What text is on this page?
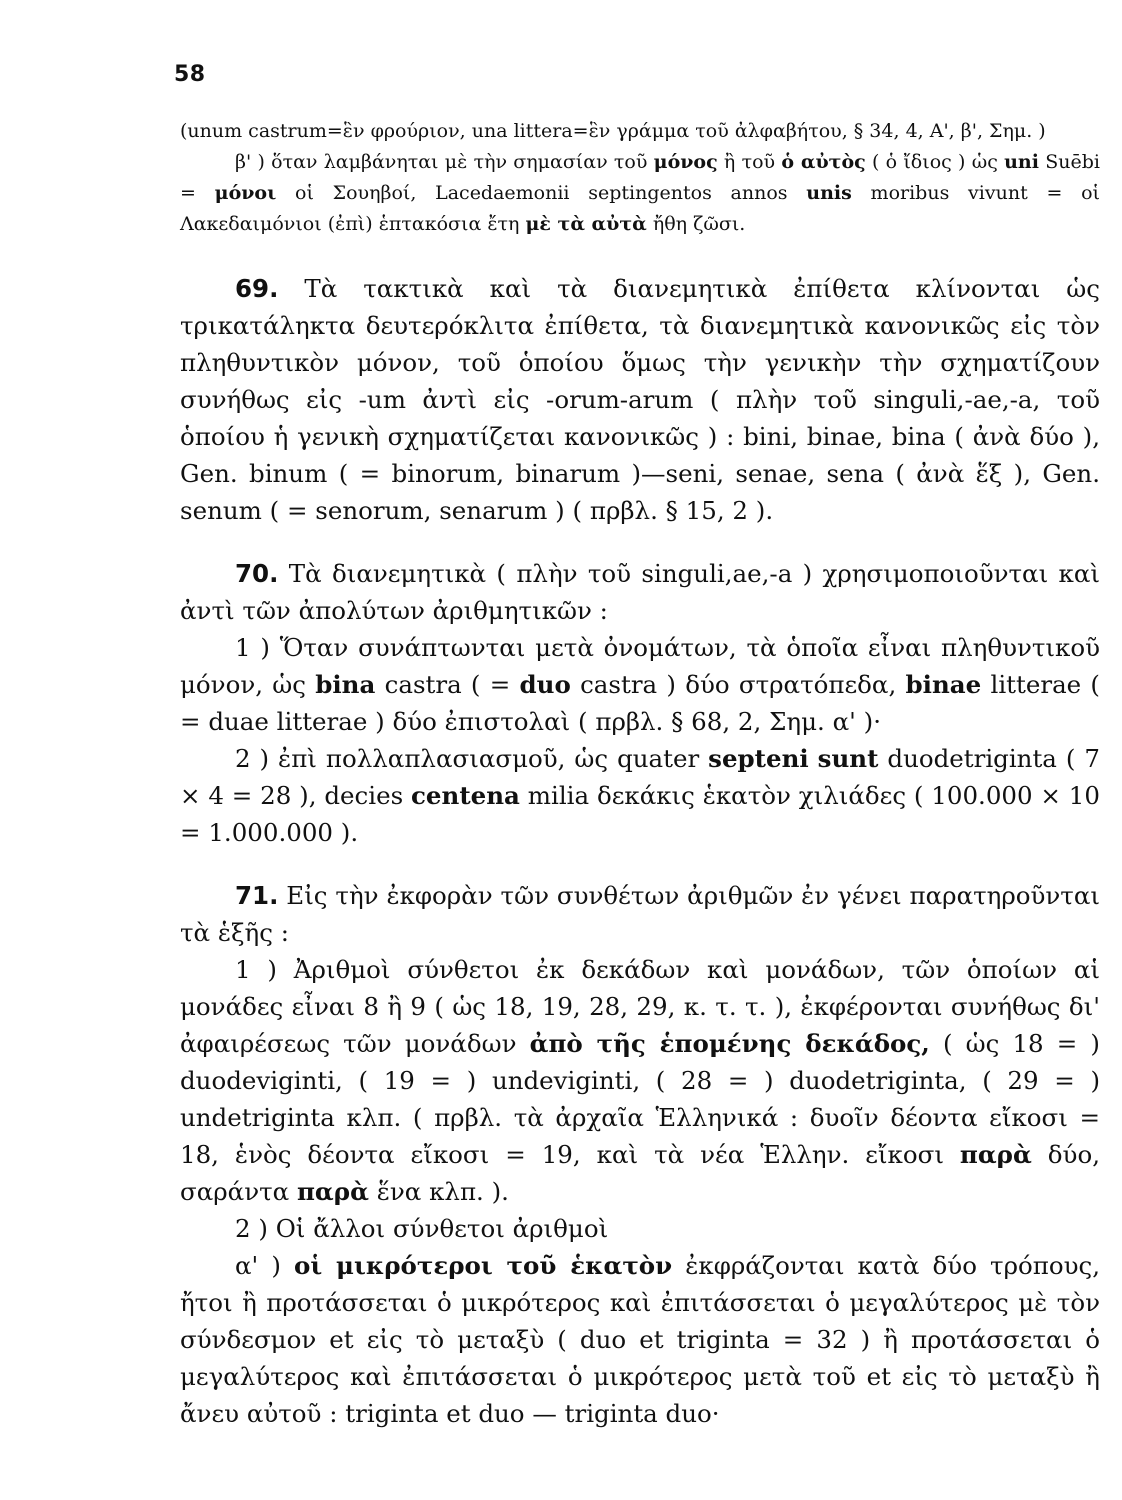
58

(unum castrum=ἓν φρούριον, una littera=ἓν γράμμα τοῦ ἀλφαβήτου, § 34, 4, Α', β', Σημ. )

β' ) ὅταν λαμβάνηται μὲ τὴν σημασίαν τοῦ μόνος ἢ τοῦ ὁ αὐτὸς ( ὁ ἴδιος ) ὡς uni Suēbi = μόνοι οἱ Σουηβοί, Lacedaemonii septingentos annos unis moribus vivunt = οἱ Λακεδαιμόνιοι (ἐπὶ) ἑπτακόσια ἔτη μὲ τὰ αὐτὰ ἤθη ζῶσι.

69. Τὰ τακτικὰ καὶ τὰ διανεμητικὰ ἐπίθετα κλίνονται ὡς τρικατάληκτα δευτερόκλιτα ἐπίθετα, τὰ διανεμητικὰ κανονικῶς εἰς τὸν πληθυντικὸν μόνον, τοῦ ὁποίου ὅμως τὴν γενικὴν τὴν σχηματίζουν συνήθως εἰς -um ἀντὶ εἰς -orum-arum ( πλὴν τοῦ singuli,-ae,-a, τοῦ ὁποίου ἡ γενικὴ σχηματίζεται κανονικῶς ) : bini, binae, bina ( ἀνὰ δύο ), Gen. binum ( = binorum, binarum )—seni, senae, sena ( ἀνὰ ἕξ ), Gen. senum ( = senorum, senarum ) ( πρβλ. § 15, 2 ).

70. Τὰ διανεμητικὰ ( πλὴν τοῦ singuli,ae,-a ) χρησιμοποιοῦνται καὶ ἀντὶ τῶν ἀπολύτων ἀριθμητικῶν :

1 ) Ὅταν συνάπτωνται μετὰ ὀνομάτων, τὰ ὁποῖα εἶναι πληθυντικοῦ μόνον, ὡς bina castra ( = duo castra ) δύο στρατόπεδα, binae litterae ( = duae litterae ) δύο ἐπιστολαὶ ( πρβλ. § 68, 2, Σημ. α' )·

2 ) ἐπὶ πολλαπλασιασμοῦ, ὡς quater septeni sunt duodetriginta ( 7 × 4 = 28 ), decies centena milia δεκάκις ἑκατὸν χιλιάδες ( 100.000 × 10 = 1.000.000 ).

71. Εἰς τὴν ἐκφορὰν τῶν συνθέτων ἀριθμῶν ἐν γένει παρατηροῦνται τὰ ἑξῆς :

1 ) Ἀριθμοὶ σύνθετοι ἐκ δεκάδων καὶ μονάδων, τῶν ὁποίων αἱ μονάδες εἶναι 8 ἢ 9 ( ὡς 18, 19, 28, 29, κ. τ. τ. ), ἐκφέρονται συνήθως δι' ἀφαιρέσεως τῶν μονάδων ἀπὸ τῆς ἑπομένης δεκάδος, ( ὡς 18 = ) duodeviginti, ( 19 = ) undeviginti, ( 28 = ) duodetriginta, ( 29 = ) undetriginta κλπ. ( πρβλ. τὰ ἀρχαῖα Ἑλληνικά : δυοῖν δέοντα εἴκοσι = 18, ἑνὸς δέοντα εἴκοσι = 19, καὶ τὰ νέα Ἑλλην. εἴκοσι παρὰ δύο, σαράντα παρὰ ἕνα κλπ. ).

2 ) Οἱ ἄλλοι σύνθετοι ἀριθμοὶ

α' ) οἱ μικρότεροι τοῦ ἑκατὸν ἐκφράζονται κατὰ δύο τρόπους, ἤτοι ἢ προτάσσεται ὁ μικρότερος καὶ ἐπιτάσσεται ὁ μεγαλύτερος μὲ τὸν σύνδεσμον et εἰς τὸ μεταξὺ ( duo et triginta = 32 ) ἢ προτάσσεται ὁ μεγαλύτερος καὶ ἐπιτάσσεται ὁ μικρότερος μετὰ τοῦ et εἰς τὸ μεταξὺ ἢ ἄνευ αὐτοῦ : triginta et duo — triginta duo·
